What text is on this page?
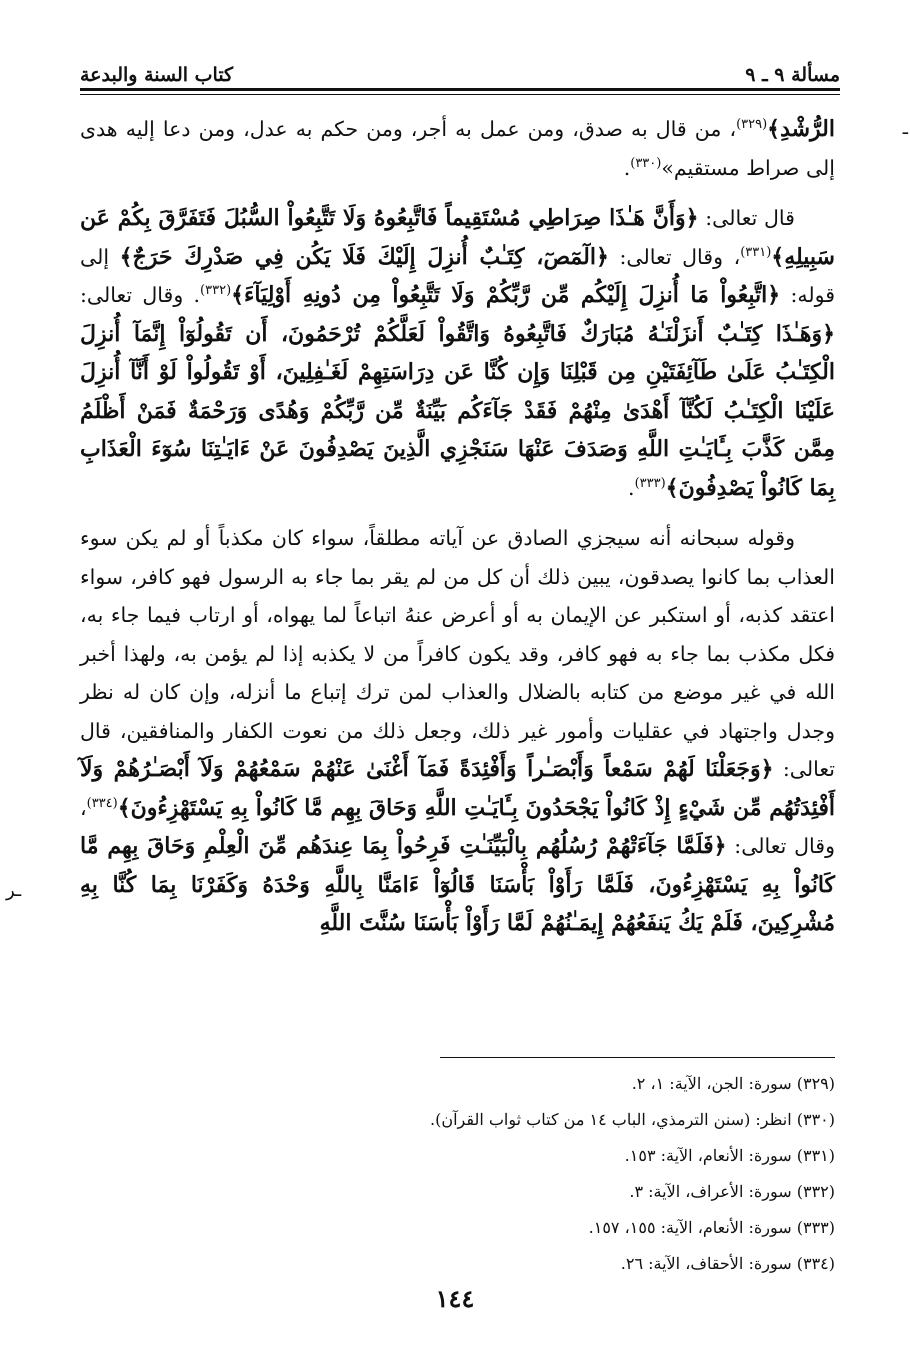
مسألة ٩ ـ ٩
كتاب السنة والبدعة

الرُّشْدِ﴾$^{(٣٢٩)}$، من قال به صدق، ومن عمل به أجر، ومن حكم به عدل، ومن دعا إليه هدى إلى صراط مستقيم»$^{(٣٣٠)}$.

قال تعالى: ﴿وَأَنَّ هَـٰذَا صِرَاطِي مُسْتَقِيماً فَاتَّبِعُوهُ وَلَا تَتَّبِعُواْ السُّبُلَ فَتَفَرَّقَ بِكُمْ عَن سَبِيلِهِ﴾$^{(٣٣١)}$، وقال تعالى: ﴿الٓمٓصٓ، كِتَـٰبٌ أُنزِلَ إِلَيْكَ فَلَا يَكُن فِي صَدْرِكَ حَرَجٌ﴾ إلى قوله: ﴿اتَّبِعُواْ مَا أُنزِلَ إِلَيْكُم مِّن رَّبِّكُمْ وَلَا تَتَّبِعُواْ مِن دُونِهِ أَوْلِيَآءَ﴾$^{(٣٣٢)}$. وقال تعالى: ﴿وَهَـٰذَا كِتَـٰبٌ أَنزَلْنَـٰهُ مُبَارَكٌ فَاتَّبِعُوهُ وَاتَّقُواْ لَعَلَّكُمْ تُرْحَمُونَ، أَن تَقُولُوٓاْ إِنَّمَآ أُنزِلَ الْكِتَـٰبُ عَلَىٰ طَآئِفَتَيْنِ مِن قَبْلِنَا وَإِن كُنَّا عَن دِرَاسَتِهِمْ لَغَـٰفِلِينَ، أَوْ تَقُولُواْ لَوْ أَنَّآ أُنزِلَ عَلَيْنَا الْكِتَـٰبُ لَكُنَّآ أَهْدَىٰ مِنْهُمْ فَقَدْ جَآءَكُم بَيِّنَةٌ مِّن رَّبِّكُمْ وَهُدًى وَرَحْمَةٌ فَمَنْ أَظْلَمُ مِمَّن كَذَّبَ بِـَٔايَـٰتِ اللَّهِ وَصَدَفَ عَنْهَا سَنَجْزِي الَّذِينَ يَصْدِفُونَ عَنْ ءَايَـٰتِنَا سُوٓءَ الْعَذَابِ بِمَا كَانُواْ يَصْدِفُونَ﴾$^{(٣٣٣)}$.

وقوله سبحانه أنه سيجزي الصادق عن آياته مطلقاً، سواء كان مكذباً أو لم يكن سوء العذاب بما كانوا يصدقون، يبين ذلك أن كل من لم يقر بما جاء به الرسول فهو كافر، سواء اعتقد كذبه، أو استكبر عن الإيمان به أو أعرض عنهُ اتباعاً لما يهواه، أو ارتاب فيما جاء به، فكل مكذب بما جاء به فهو كافر، وقد يكون كافراً من لا يكذبه إذا لم يؤمن به، ولهذا أخبر الله في غير موضع من كتابه بالضلال والعذاب لمن ترك إتباع ما أنزله، وإن كان له نظر وجدل واجتهاد في عقليات وأمور غير ذلك، وجعل ذلك من نعوت الكفار والمنافقين، قال تعالى: ﴿وَجَعَلْنَا لَهُمْ سَمْعاً وَأَبْصَـٰراً وَأَفْئِدَةً فَمَآ أَغْنَىٰ عَنْهُمْ سَمْعُهُمْ وَلَآ أَبْصَـٰرُهُمْ وَلَآ أَفْئِدَتُهُم مِّن شَيْءٍ إِذْ كَانُواْ يَجْحَدُونَ بِـَٔايَـٰتِ اللَّهِ وَحَاقَ بِهِم مَّا كَانُواْ بِهِ يَسْتَهْزِءُونَ﴾$^{(٣٣٤)}$، وقال تعالى: ﴿فَلَمَّا جَآءَتْهُمْ رُسُلُهُم بِالْبَيِّنَـٰتِ فَرِحُواْ بِمَا عِندَهُم مِّنَ الْعِلْمِ وَحَاقَ بِهِم مَّا كَانُواْ بِهِ يَسْتَهْزِءُونَ، فَلَمَّا رَأَوْاْ بَأْسَنَا قَالُوٓاْ ءَامَنَّا بِاللَّهِ وَحْدَهُ وَكَفَرْنَا بِمَا كُنَّا بِهِ مُشْرِكِينَ، فَلَمْ يَكُ يَنفَعُهُمْ إِيمَـٰنُهُمْ لَمَّا رَأَوْاْ بَأْسَنَا سُنَّتَ اللَّهِ

(٣٢٩) سورة: الجن، الآية: ١، ٢.
(٣٣٠) انظر: (سنن الترمذي، الباب ١٤ من كتاب ثواب القرآن).
(٣٣١) سورة: الأنعام، الآية: ١٥٣.
(٣٣٢) سورة: الأعراف، الآية: ٣.
(٣٣٣) سورة: الأنعام، الآية: ١٥٥، ١٥٧.
(٣٣٤) سورة: الأحقاف، الآية: ٢٦.
١٤٤
ـ
ـر
